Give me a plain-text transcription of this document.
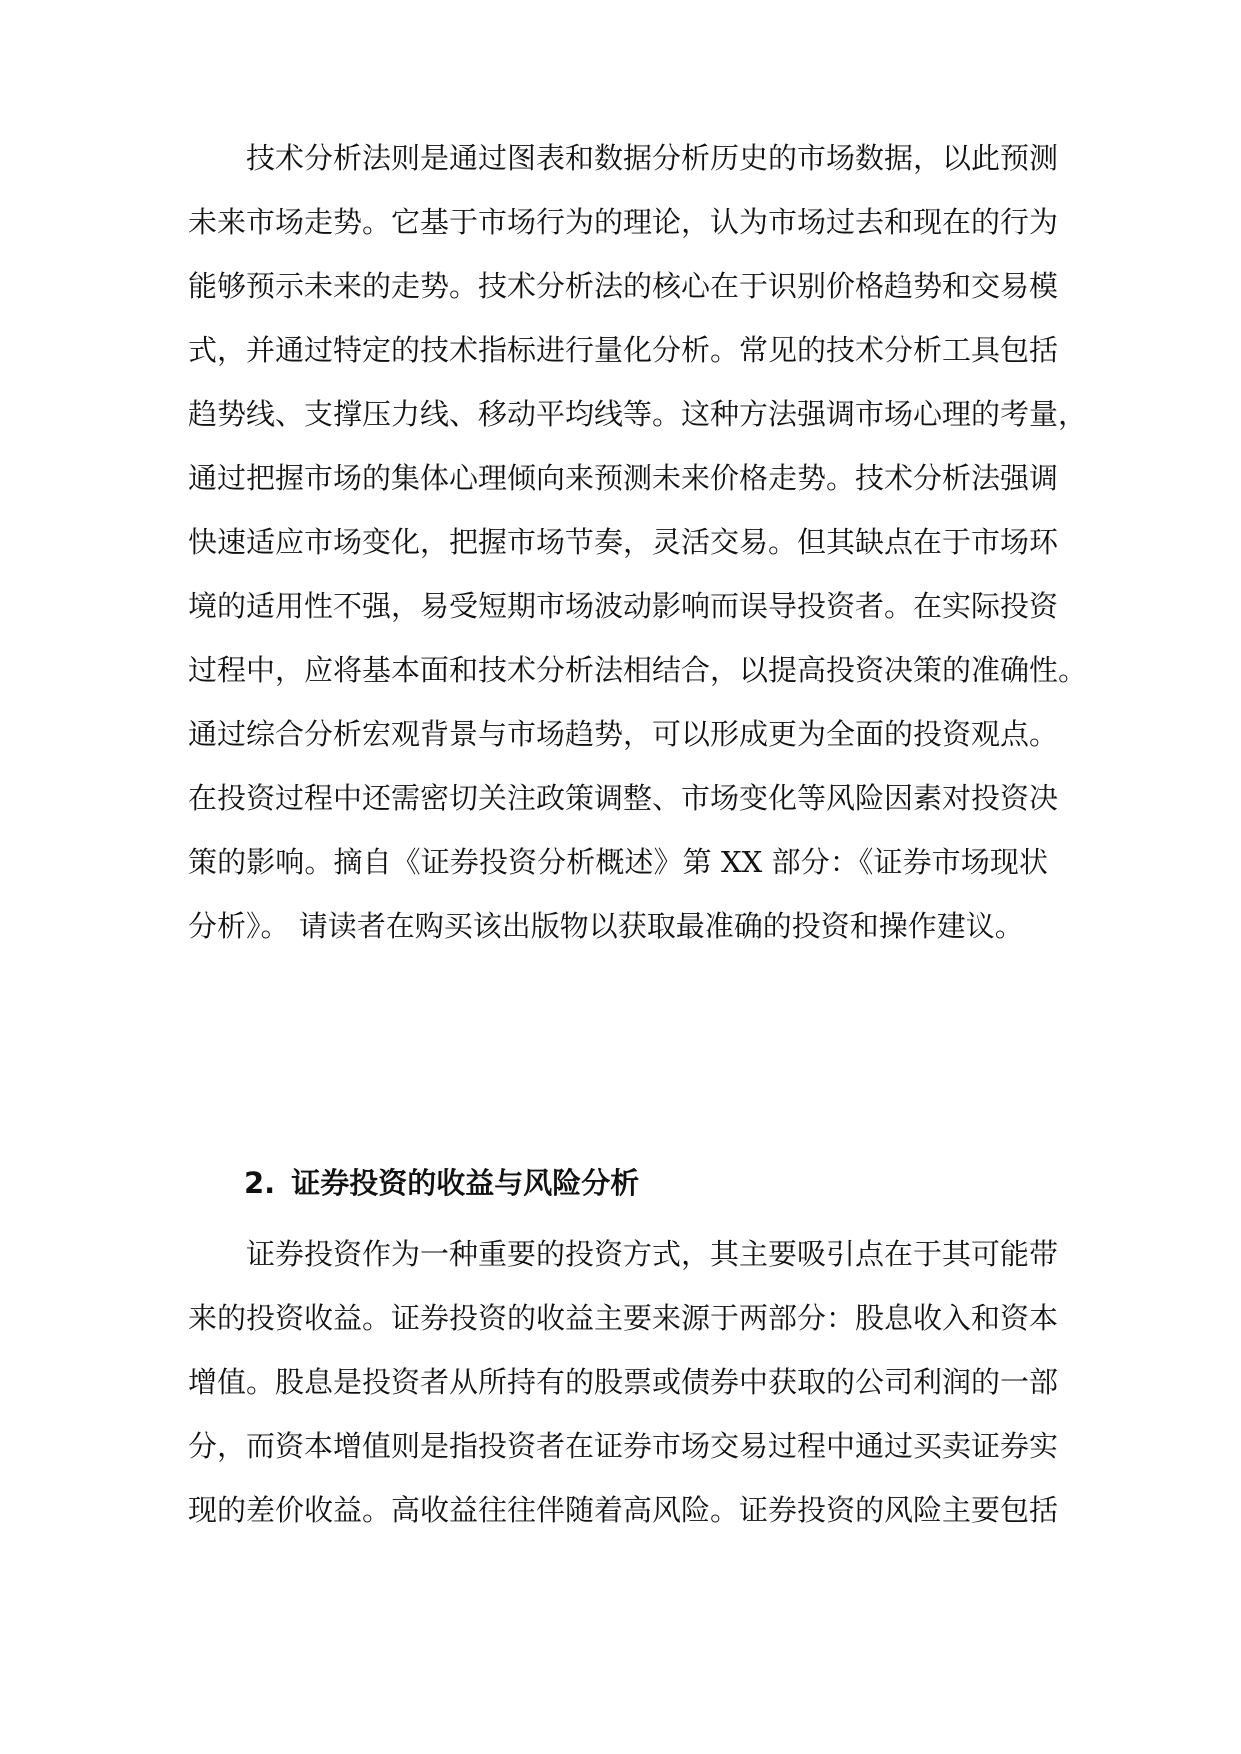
技术分析法则是通过图表和数据分析历史的市场数据，以此预测
未来市场走势。它基于市场行为的理论，认为市场过去和现在的行为
能够预示未来的走势。技术分析法的核心在于识别价格趋势和交易模
式，并通过特定的技术指标进行量化分析。常见的技术分析工具包括
趋势线、支撑压力线、移动平均线等。这种方法强调市场心理的考量，
通过把握市场的集体心理倾向来预测未来价格走势。技术分析法强调
快速适应市场变化，把握市场节奏，灵活交易。但其缺点在于市场环
境的适用性不强，易受短期市场波动影响而误导投资者。在实际投资
过程中，应将基本面和技术分析法相结合，以提高投资决策的准确性。
通过综合分析宏观背景与市场趋势，可以形成更为全面的投资观点。
在投资过程中还需密切关注政策调整、市场变化等风险因素对投资决
策的影响。摘自《证券投资分析概述》第 XX 部分：《证券市场现状
分析》。 请读者在购买该出版物以获取最准确的投资和操作建议。
2. 证券投资的收益与风险分析
证券投资作为一种重要的投资方式，其主要吸引点在于其可能带
来的投资收益。证券投资的收益主要来源于两部分：股息收入和资本
增值。股息是投资者从所持有的股票或债券中获取的公司利润的一部
分，而资本增值则是指投资者在证券市场交易过程中通过买卖证券实
现的差价收益。高收益往往伴随着高风险。证券投资的风险主要包括
